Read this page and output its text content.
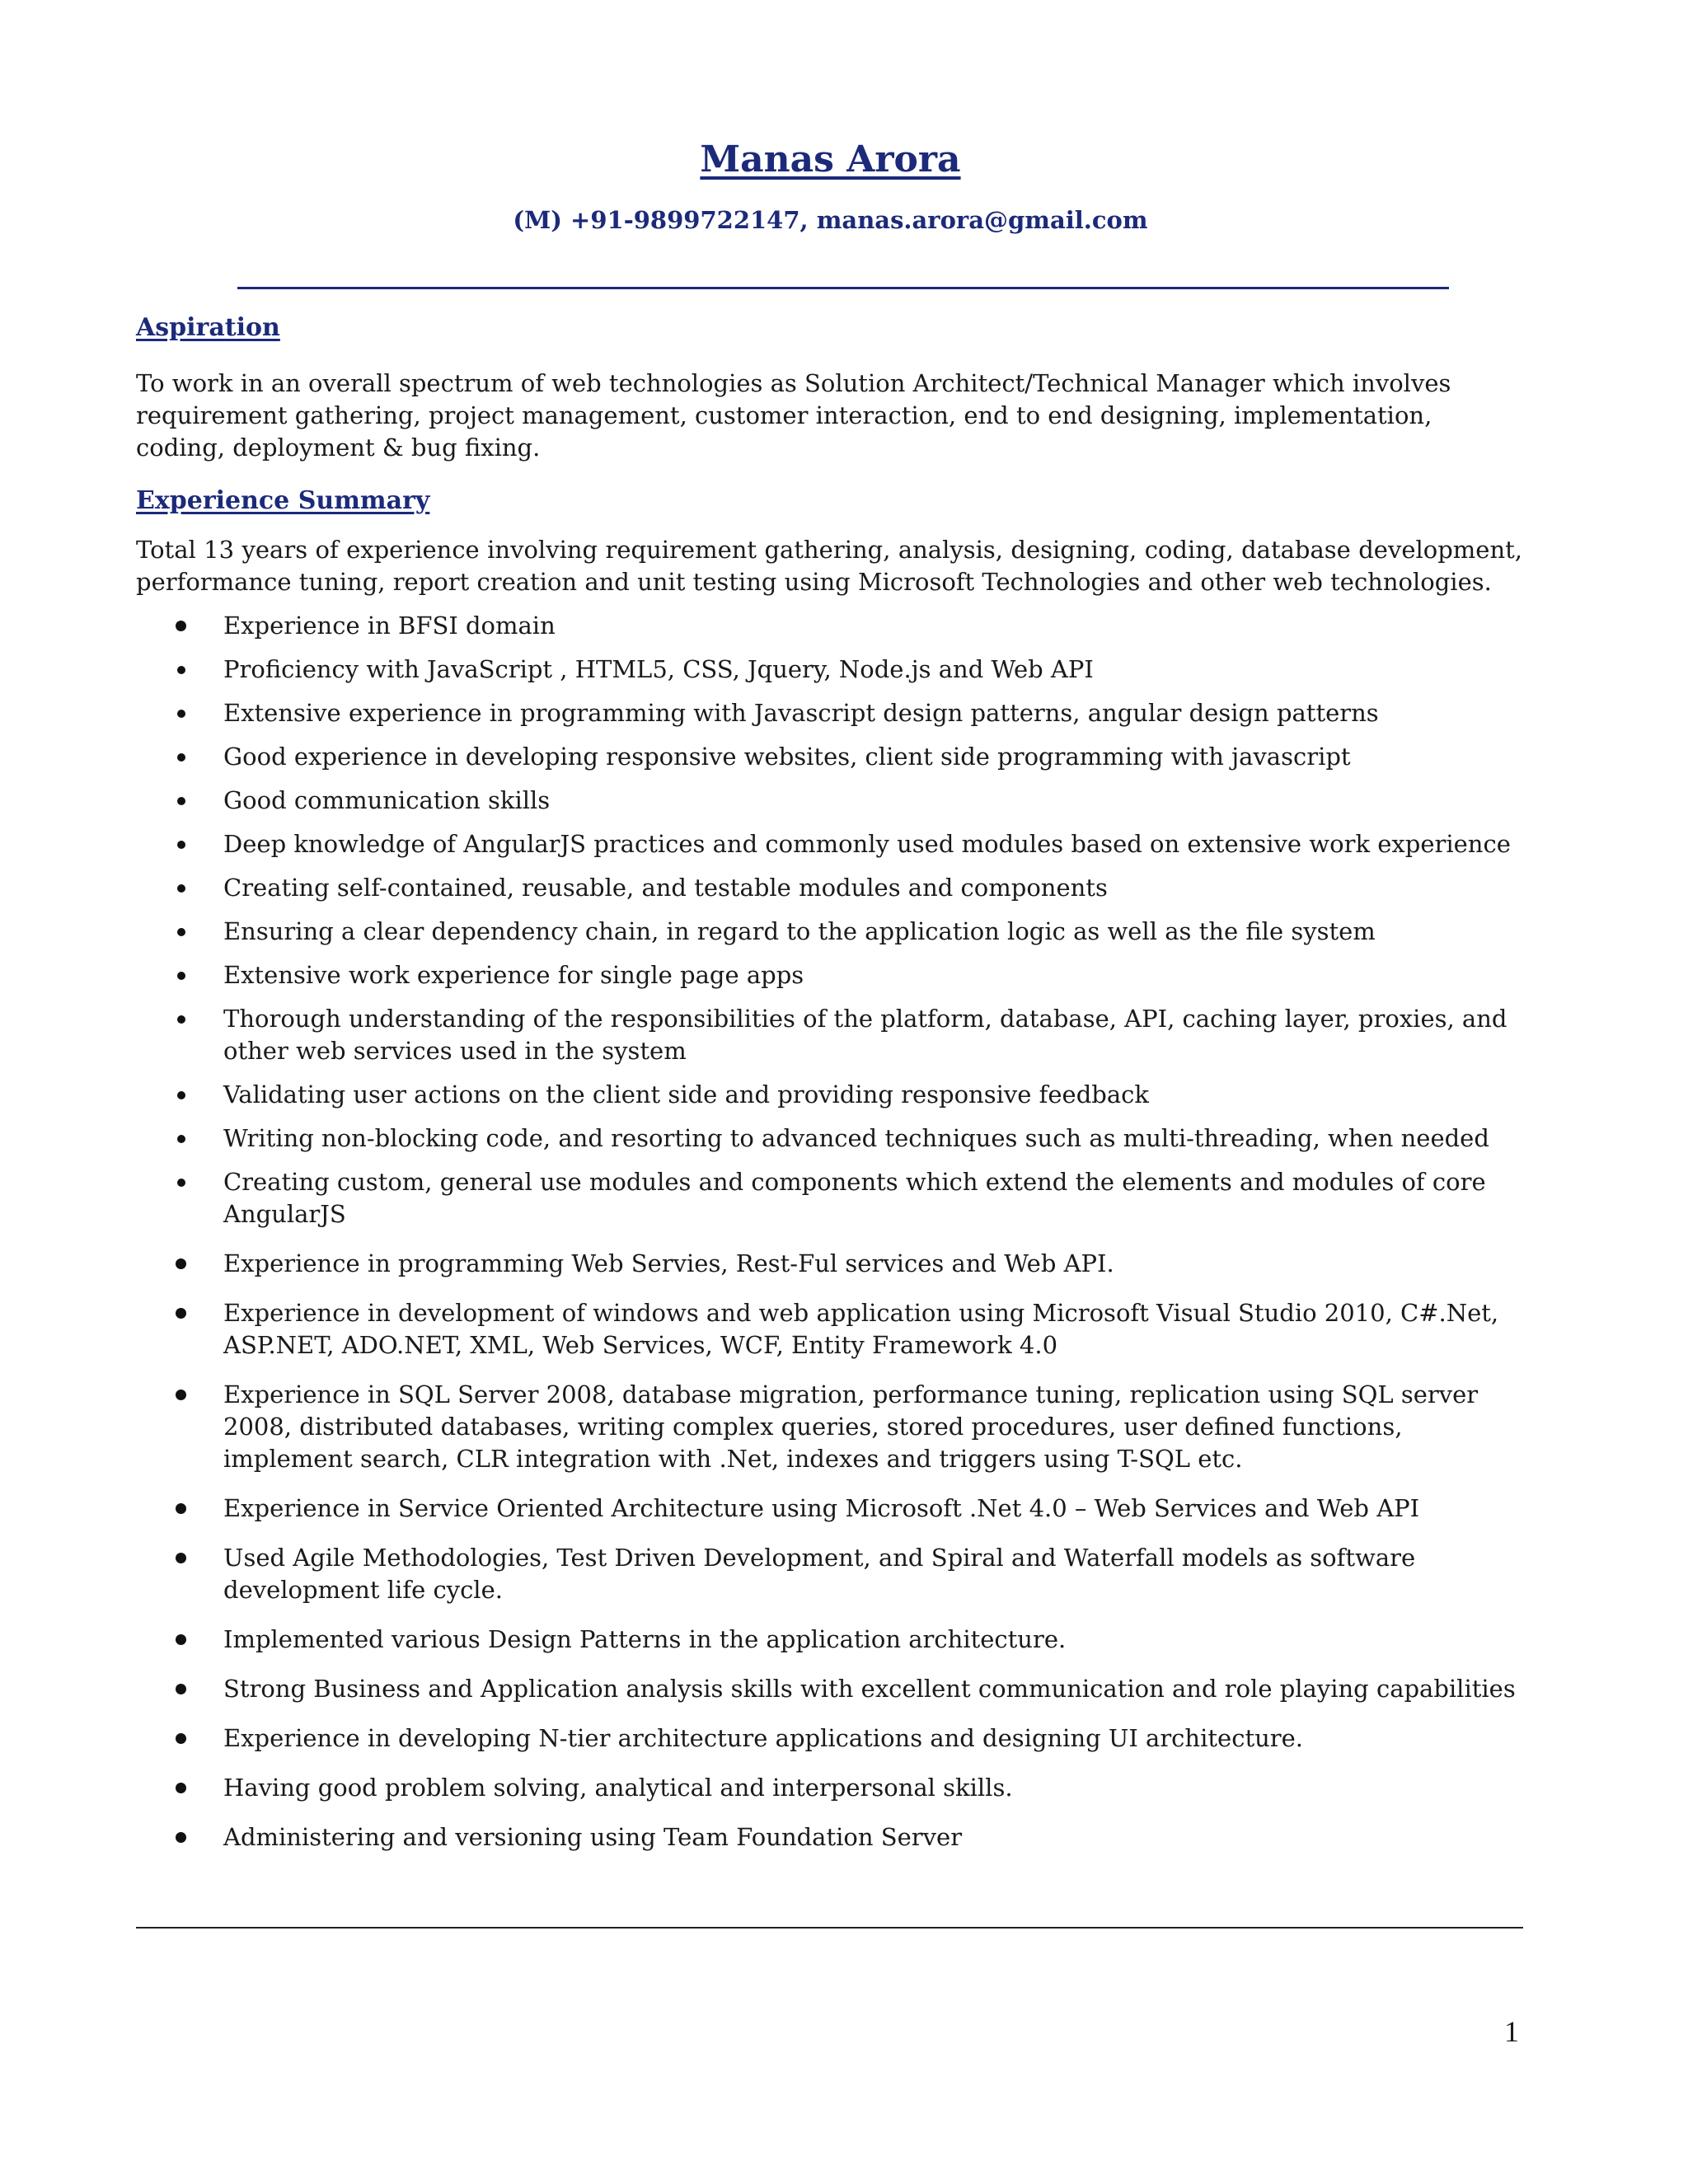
Manas Arora
(M) +91-9899722147, manas.arora@gmail.com
Aspiration
To work in an overall spectrum of web technologies as Solution Architect/Technical Manager which involves requirement gathering, project management, customer interaction, end to end designing, implementation, coding, deployment & bug fixing.
Experience Summary
Total 13 years of experience involving requirement gathering, analysis, designing, coding, database development, performance tuning, report creation and unit testing using Microsoft Technologies and other web technologies.
Experience in BFSI domain
Proficiency with JavaScript , HTML5, CSS, Jquery, Node.js and Web API
Extensive experience in programming with Javascript design patterns, angular design patterns
Good experience in developing responsive websites, client side programming with javascript
Good communication skills
Deep knowledge of AngularJS practices and commonly used modules based on extensive work experience
Creating self-contained, reusable, and testable modules and components
Ensuring a clear dependency chain, in regard to the application logic as well as the file system
Extensive work experience for single page apps
Thorough understanding of the responsibilities of the platform, database, API, caching layer, proxies, and other web services used in the system
Validating user actions on the client side and providing responsive feedback
Writing non-blocking code, and resorting to advanced techniques such as multi-threading, when needed
Creating custom, general use modules and components which extend the elements and modules of core AngularJS
Experience in programming Web Servies, Rest-Ful services and Web API.
Experience in development of windows and web application using Microsoft Visual Studio 2010, C#.Net, ASP.NET, ADO.NET, XML, Web Services, WCF, Entity Framework 4.0
Experience in SQL Server 2008, database migration, performance tuning, replication using SQL server 2008, distributed databases, writing complex queries, stored procedures, user defined functions, implement search, CLR integration with .Net, indexes and triggers using T-SQL etc.
Experience in Service Oriented Architecture using Microsoft .Net 4.0 – Web Services and Web API
Used Agile Methodologies, Test Driven Development, and Spiral and Waterfall models as software development life cycle.
Implemented various Design Patterns in the application architecture.
Strong Business and Application analysis skills with excellent communication and role playing capabilities
Experience in developing N-tier architecture applications and designing UI architecture.
Having good problem solving, analytical and interpersonal skills.
Administering and versioning using Team Foundation Server
1
